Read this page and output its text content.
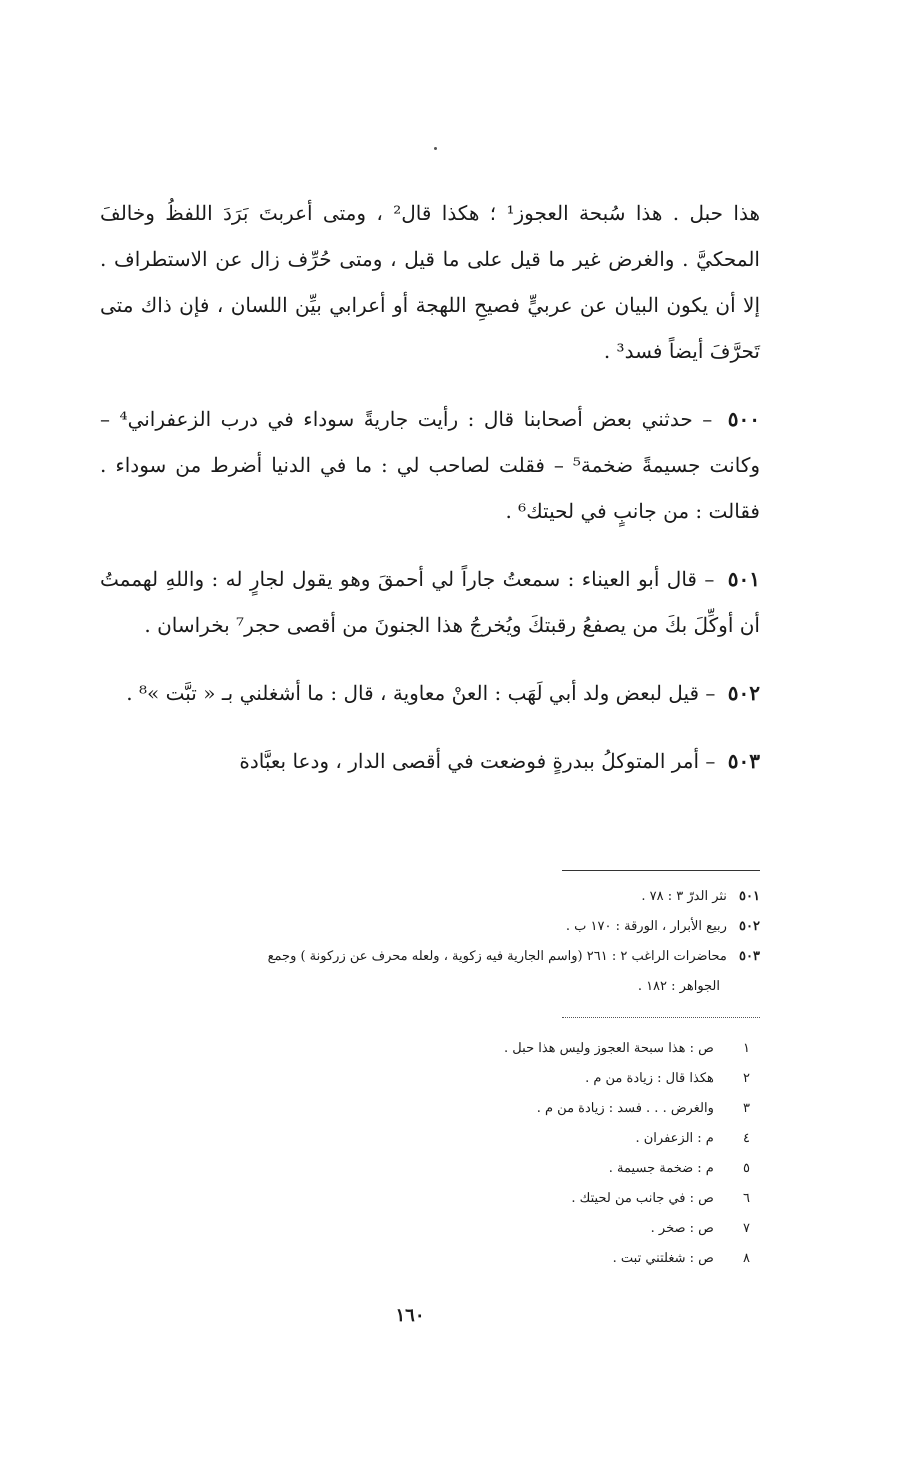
هذا حبل . هذا سُبحة العجوز¹ ؛ هكذا قال² ، ومتى أعربتَ بَرَدَ اللفظُ وخالفَ المحكيَّ . والغرض غير ما قيل على ما قيل ، ومتى حُرِّف زال عن الاستطراف . إلا أن يكون البيان عن عربيٍّ فصيحِ اللهجة أو أعرابي بيِّن اللسان ، فإن ذاك متى تَحرَّفَ أيضاً فسد³ .

٥٠٠ – حدثني بعض أصحابنا قال : رأيت جاريةً سوداء في درب الزعفراني⁴ – وكانت جسيمةً ضخمة⁵ – فقلت لصاحب لي : ما في الدنيا أضرط من سوداء . فقالت : من جانبٍ في لحيتك⁶ .

٥٠١ – قال أبو العيناء : سمعتُ جاراً لي أحمقَ وهو يقول لجارٍ له : واللهِ لهممتُ أن أوكِّلَ بكَ من يصفعُ رقبتكَ ويُخرجُ هذا الجنونَ من أقصى حجر⁷ بخراسان .

٥٠٢ – قيل لبعض ولد أبي لَهَب : العنْ معاوية ، قال : ما أشغلني بـ « تبَّت »⁸ .

٥٠٣ – أمر المتوكلُ ببدرةٍ فوضعت في أقصى الدار ، ودعا بعبَّادة

٥٠١ نثر الدرّ ٣ : ٧٨ .
٥٠٢ ربيع الأبرار ، الورقة : ١٧٠ ب .
٥٠٣ محاضرات الراغب ٢ : ٢٦١ (واسم الجارية فيه زكوية ، ولعله محرف عن زركونة ) وجمع
الجواهر : ١٨٢ .
١ ص : هذا سبحة العجوز وليس هذا حبل .
٢ هكذا قال : زيادة من م .
٣ والغرض . . . فسد : زيادة من م .
٤ م : الزعفران .
٥ م : ضخمة جسيمة .
٦ ص : في جانب من لحيتك .
٧ ص : صخر .
٨ ص : شغلتني تبت .
١٦٠
